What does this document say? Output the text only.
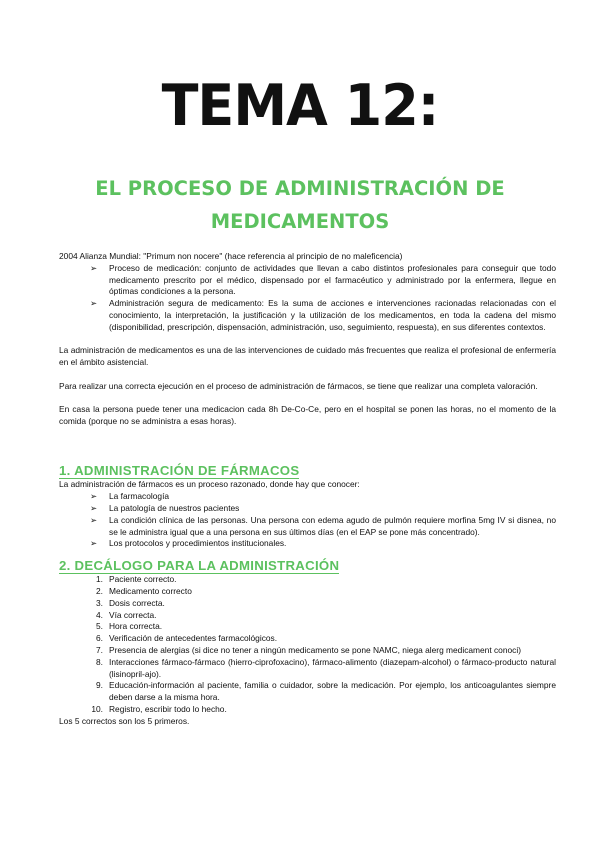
TEMA 12:
EL PROCESO DE ADMINISTRACIÓN DE MEDICAMENTOS

2004 Alianza Mundial: "Primum non nocere" (hace referencia al principio de no maleficencia)

➢ Proceso de medicación: conjunto de actividades que llevan a cabo distintos profesionales para conseguir que todo medicamento prescrito por el médico, dispensado por el farmacéutico y administrado por la enfermera, llegue en óptimas condiciones a la persona.
➢ Administración segura de medicamento: Es la suma de acciones e intervenciones racionadas relacionadas con el conocimiento, la interpretación, la justificación y la utilización de los medicamentos, en toda la cadena del mismo (disponibilidad, prescripción, dispensación, administración, uso, seguimiento, respuesta), en sus diferentes contextos.

La administración de medicamentos es una de las intervenciones de cuidado más frecuentes que realiza el profesional de enfermería en el ámbito asistencial.

Para realizar una correcta ejecución en el proceso de administración de fármacos, se tiene que realizar una completa valoración.

En casa la persona puede tener una medicacion cada 8h De-Co-Ce, pero en el hospital se ponen las horas, no el momento de la comida (porque no se administra a esas horas).

1. ADMINISTRACIÓN DE FÁRMACOS

La administración de fármacos es un proceso razonado, donde hay que conocer:

➢ La farmacología
➢ La patología de nuestros pacientes
➢ La condición clínica de las personas. Una persona con edema agudo de pulmón requiere morfina 5mg IV si disnea, no se le administra igual que a una persona en sus últimos días (en el EAP se pone más concentrado).
➢ Los protocolos y procedimientos institucionales.
2. DECÁLOGO PARA LA ADMINISTRACIÓN
1. Paciente correcto.
2. Medicamento correcto
3. Dosis correcta.
4. Vía correcta.
5. Hora correcta.
6. Verificación de antecedentes farmacológicos.
7. Presencia de alergias (si dice no tener a ningún medicamento se pone NAMC, niega alerg medicament conoci)
8. Interacciones fármaco-fármaco (hierro-ciprofoxacino), fármaco-alimento (diazepam-alcohol) o fármaco-producto natural (lisinopril-ajo).
9. Educación-información al paciente, familia o cuidador, sobre la medicación. Por ejemplo, los anticoagulantes siempre deben darse a la misma hora.
10. Registro, escribir todo lo hecho.

Los 5 correctos son los 5 primeros.
